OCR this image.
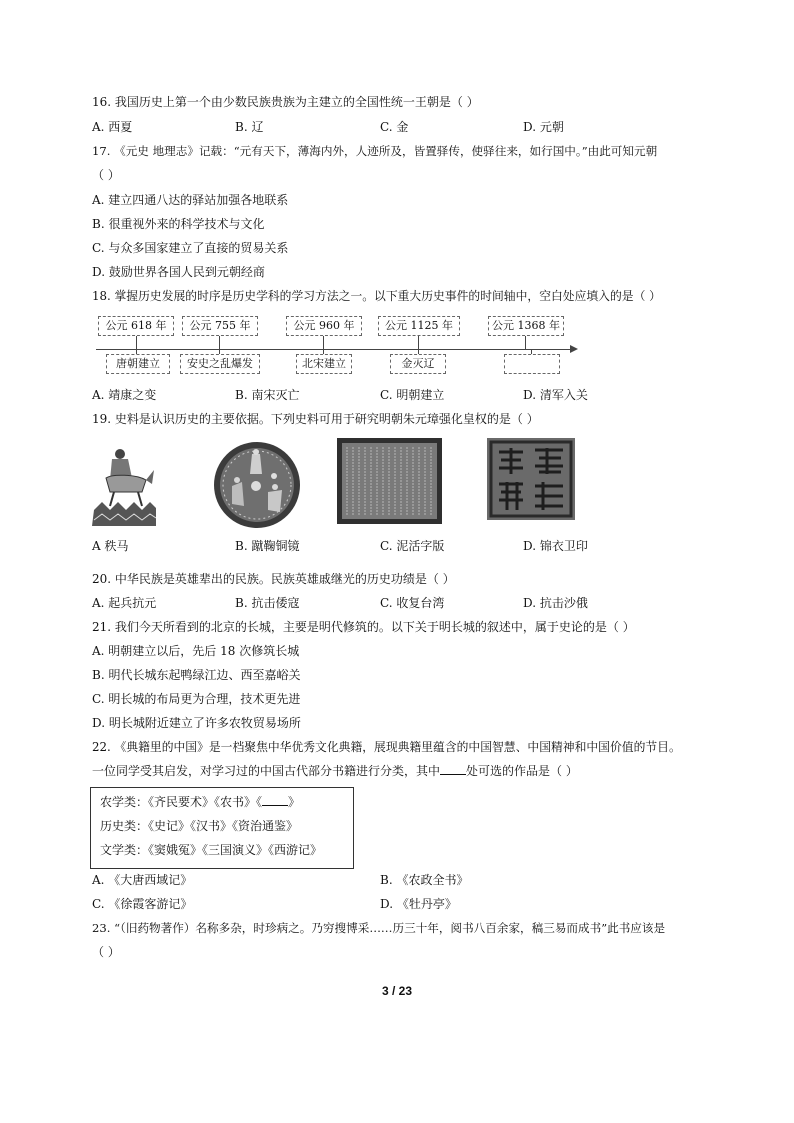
16. 我国历史上第一个由少数民族贵族为主建立的全国性统一王朝是（ ）
A. 西夏	B. 辽	C. 金	D. 元朝
17. 《元史 地理志》记载：“元有天下，薄海内外，人迹所及，皆置驿传，使驿往来，如行国中。”由此可知元朝
（ ）
A. 建立四通八达的驿站加强各地联系
B. 很重视外来的科学技术与文化
C. 与众多国家建立了直接的贸易关系
D. 鼓励世界各国人民到元朝经商
18. 掌握历史发展的时序是历史学科的学习方法之一。以下重大历史事件的时间轴中，空白处应填入的是（ ）
公元 618 年	公元 755 年	公元 960 年	公元 1125 年	公元 1368 年
唐朝建立	安史之乱爆发	北宋建立	金灭辽
A. 靖康之变	B. 南宋灭亡	C. 明朝建立	D. 清军入关
19. 史料是认识历史的主要依据。下列史料可用于研究明朝朱元璋强化皇权的是（ ）
A 秩马	B. 蹴鞠铜镜	C. 泥活字版	D. 锦衣卫印
20. 中华民族是英雄辈出的民族。民族英雄戚继光的历史功绩是（ ）
A. 起兵抗元	B. 抗击倭寇	C. 收复台湾	D. 抗击沙俄
21. 我们今天所看到的北京的长城，主要是明代修筑的。以下关于明长城的叙述中，属于史论的是（ ）
A. 明朝建立以后，先后 18 次修筑长城
B. 明代长城东起鸭绿江边、西至嘉峪关
C. 明长城的布局更为合理，技术更先进
D. 明长城附近建立了许多农牧贸易场所
22. 《典籍里的中国》是一档聚焦中华优秀文化典籍，展现典籍里蕴含的中国智慧、中国精神和中国价值的节目。
一位同学受其启发，对学习过的中国古代部分书籍进行分类，其中 处可选的作品是（ ）
农学类：《齐民要术》《农书》《 》
历史类：《史记》《汉书》《资治通鉴》
文学类：《窦娥冤》《三国演义》《西游记》
A. 《大唐西域记》	B. 《农政全书》
C. 《徐霞客游记》	D. 《牡丹亭》
23. “（旧药物著作）名称多杂，时珍病之。乃穷搜博采……历三十年，阅书八百余家，稿三易而成书”此书应该是
（ ）
3 / 23
